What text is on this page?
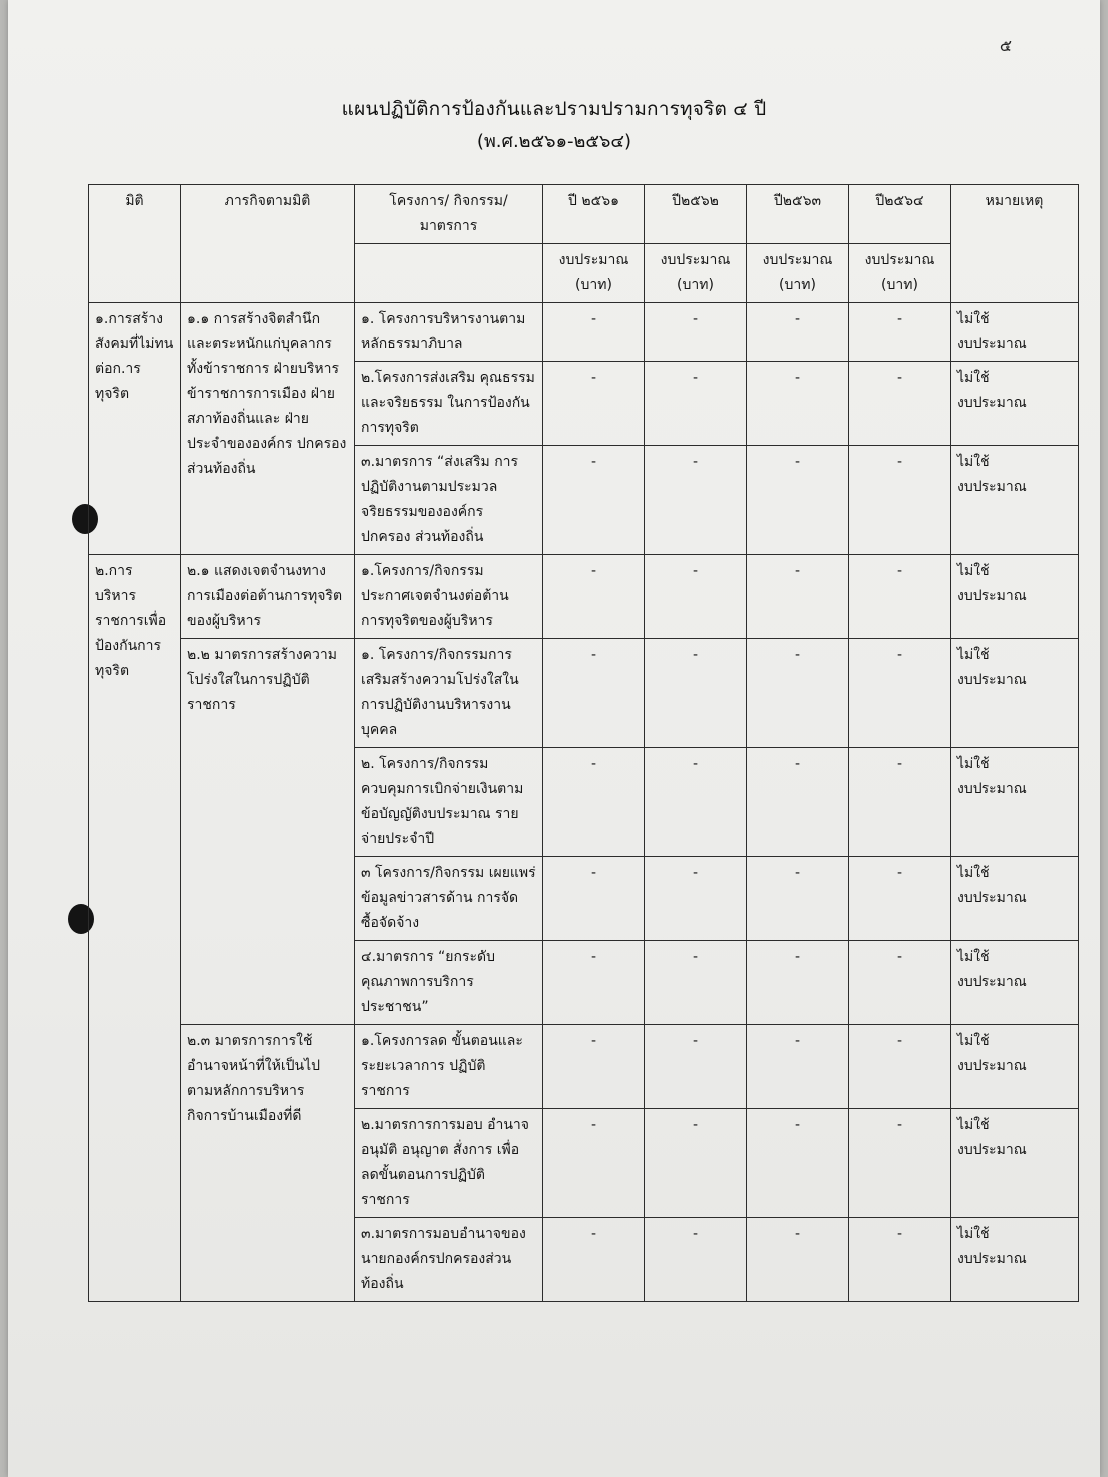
๕
แผนปฏิบัติการป้องกันและปรามปรามการทุจริต ๔ ปี
(พ.ศ.๒๕๖๑-๒๕๖๔)
มิติ	ภารกิจตามมิติ	โครงการ/ กิจกรรม/มาตรการ	ปี ๒๕๖๑	ปี๒๕๖๒	ปี๒๕๖๓	ปี๒๕๖๔	หมายเหตุ
			งบประมาณ (บาท)	งบประมาณ (บาท)	งบประมาณ (บาท)	งบประมาณ (บาท)	
๑.การสร้าง สังคมที่ไม่ทน ต่อก.ารทุจริต	๑.๑ การสร้างจิตสำนึก และตระหนักแก่บุคลากร ทั้งข้าราชการ ฝ่ายบริหาร ข้าราชการการเมือง ฝ่ายสภาท้องถิ่นและ ฝ่ายประจำขององค์กร ปกครองส่วนท้องถิ่น	๑. โครงการบริหารงานตาม หลักธรรมาภิบาล	-	-	-	-	ไม่ใช้
งบประมาณ

		๒.โครงการส่งเสริม คุณธรรมและจริยธรรม ในการป้องกันการทุจริต	-	-	-	-	ไม่ใช้
งบประมาณ

		๓.มาตรการ “ส่งเสริม การ ปฏิบัติงานตามประมวล จริยธรรมขององค์กร ปกครอง ส่วนท้องถิ่น	-	-	-	-	ไม่ใช้
งบประมาณ

๒.การ บริหาร ราชการเพื่อ ป้องกันการ ทุจริต	๒.๑ แสดงเจตจำนงทาง การเมืองต่อต้านการทุจริต ของผู้บริหาร	๑.โครงการ/กิจกรรม ประกาศเจตจำนงต่อต้าน การทุจริตของผู้บริหาร	-	-	-	-	ไม่ใช้
งบประมาณ

	๒.๒ มาตรการสร้างความ โปร่งใสในการปฏิบัติ ราชการ	๑. โครงการ/กิจกรรมการ เสริมสร้างความโปร่งใสใน การปฏิบัติงานบริหารงาน บุคคล	-	-	-	-	ไม่ใช้
งบประมาณ

		๒. โครงการ/กิจกรรม ควบคุมการเบิกจ่ายเงินตาม ข้อบัญญัติงบประมาณ รายจ่ายประจำปี	-	-	-	-	ไม่ใช้
งบประมาณ

		๓ โครงการ/กิจกรรม เผยแพร่ข้อมูลข่าวสารด้าน การจัดซื้อจัดจ้าง	-	-	-	-	ไม่ใช้
งบประมาณ

		๔.มาตรการ “ยกระดับ คุณภาพการบริการ ประชาชน”	-	-	-	-	ไม่ใช้
งบประมาณ

	๒.๓ มาตรการการใช้ อำนาจหน้าที่ให้เป็นไป ตามหลักการบริหาร กิจการบ้านเมืองที่ดี	๑.โครงการลด ขั้นตอนและ ระยะเวลาการ ปฏิบัติ ราชการ	-	-	-	-	ไม่ใช้
งบประมาณ

		๒.มาตรการการมอบ อำนาจ อนุมัติ อนุญาต สั่งการ เพื่อ ลดขั้นตอนการปฏิบัติ ราชการ	-	-	-	-	ไม่ใช้
งบประมาณ

		๓.มาตรการมอบอำนาจของ นายกองค์กรปกครองส่วน ท้องถิ่น	-	-	-	-	ไม่ใช้
งบประมาณ
